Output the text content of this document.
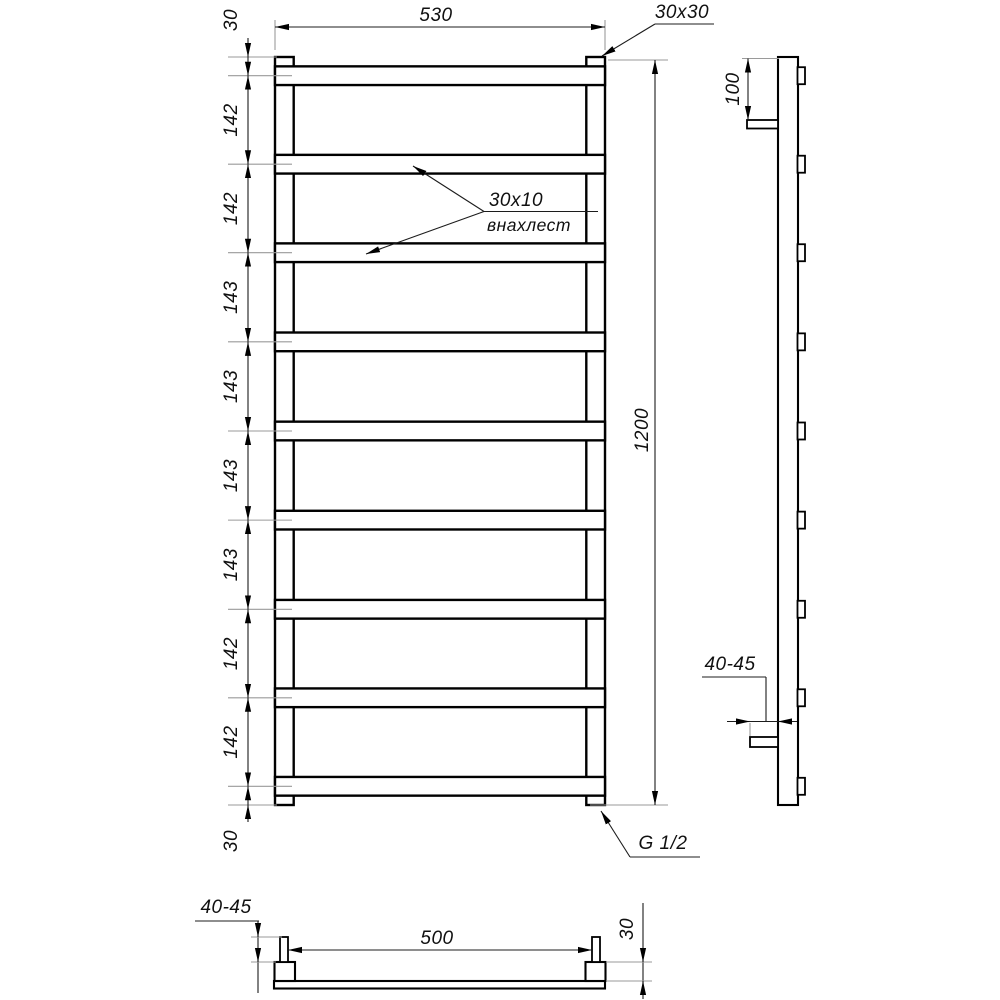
530	30x30
1200
30
142
142
143
143
143
143
142
142
30
30x10
внахлест
G 1/2
100
40-45
500
40-45
30
